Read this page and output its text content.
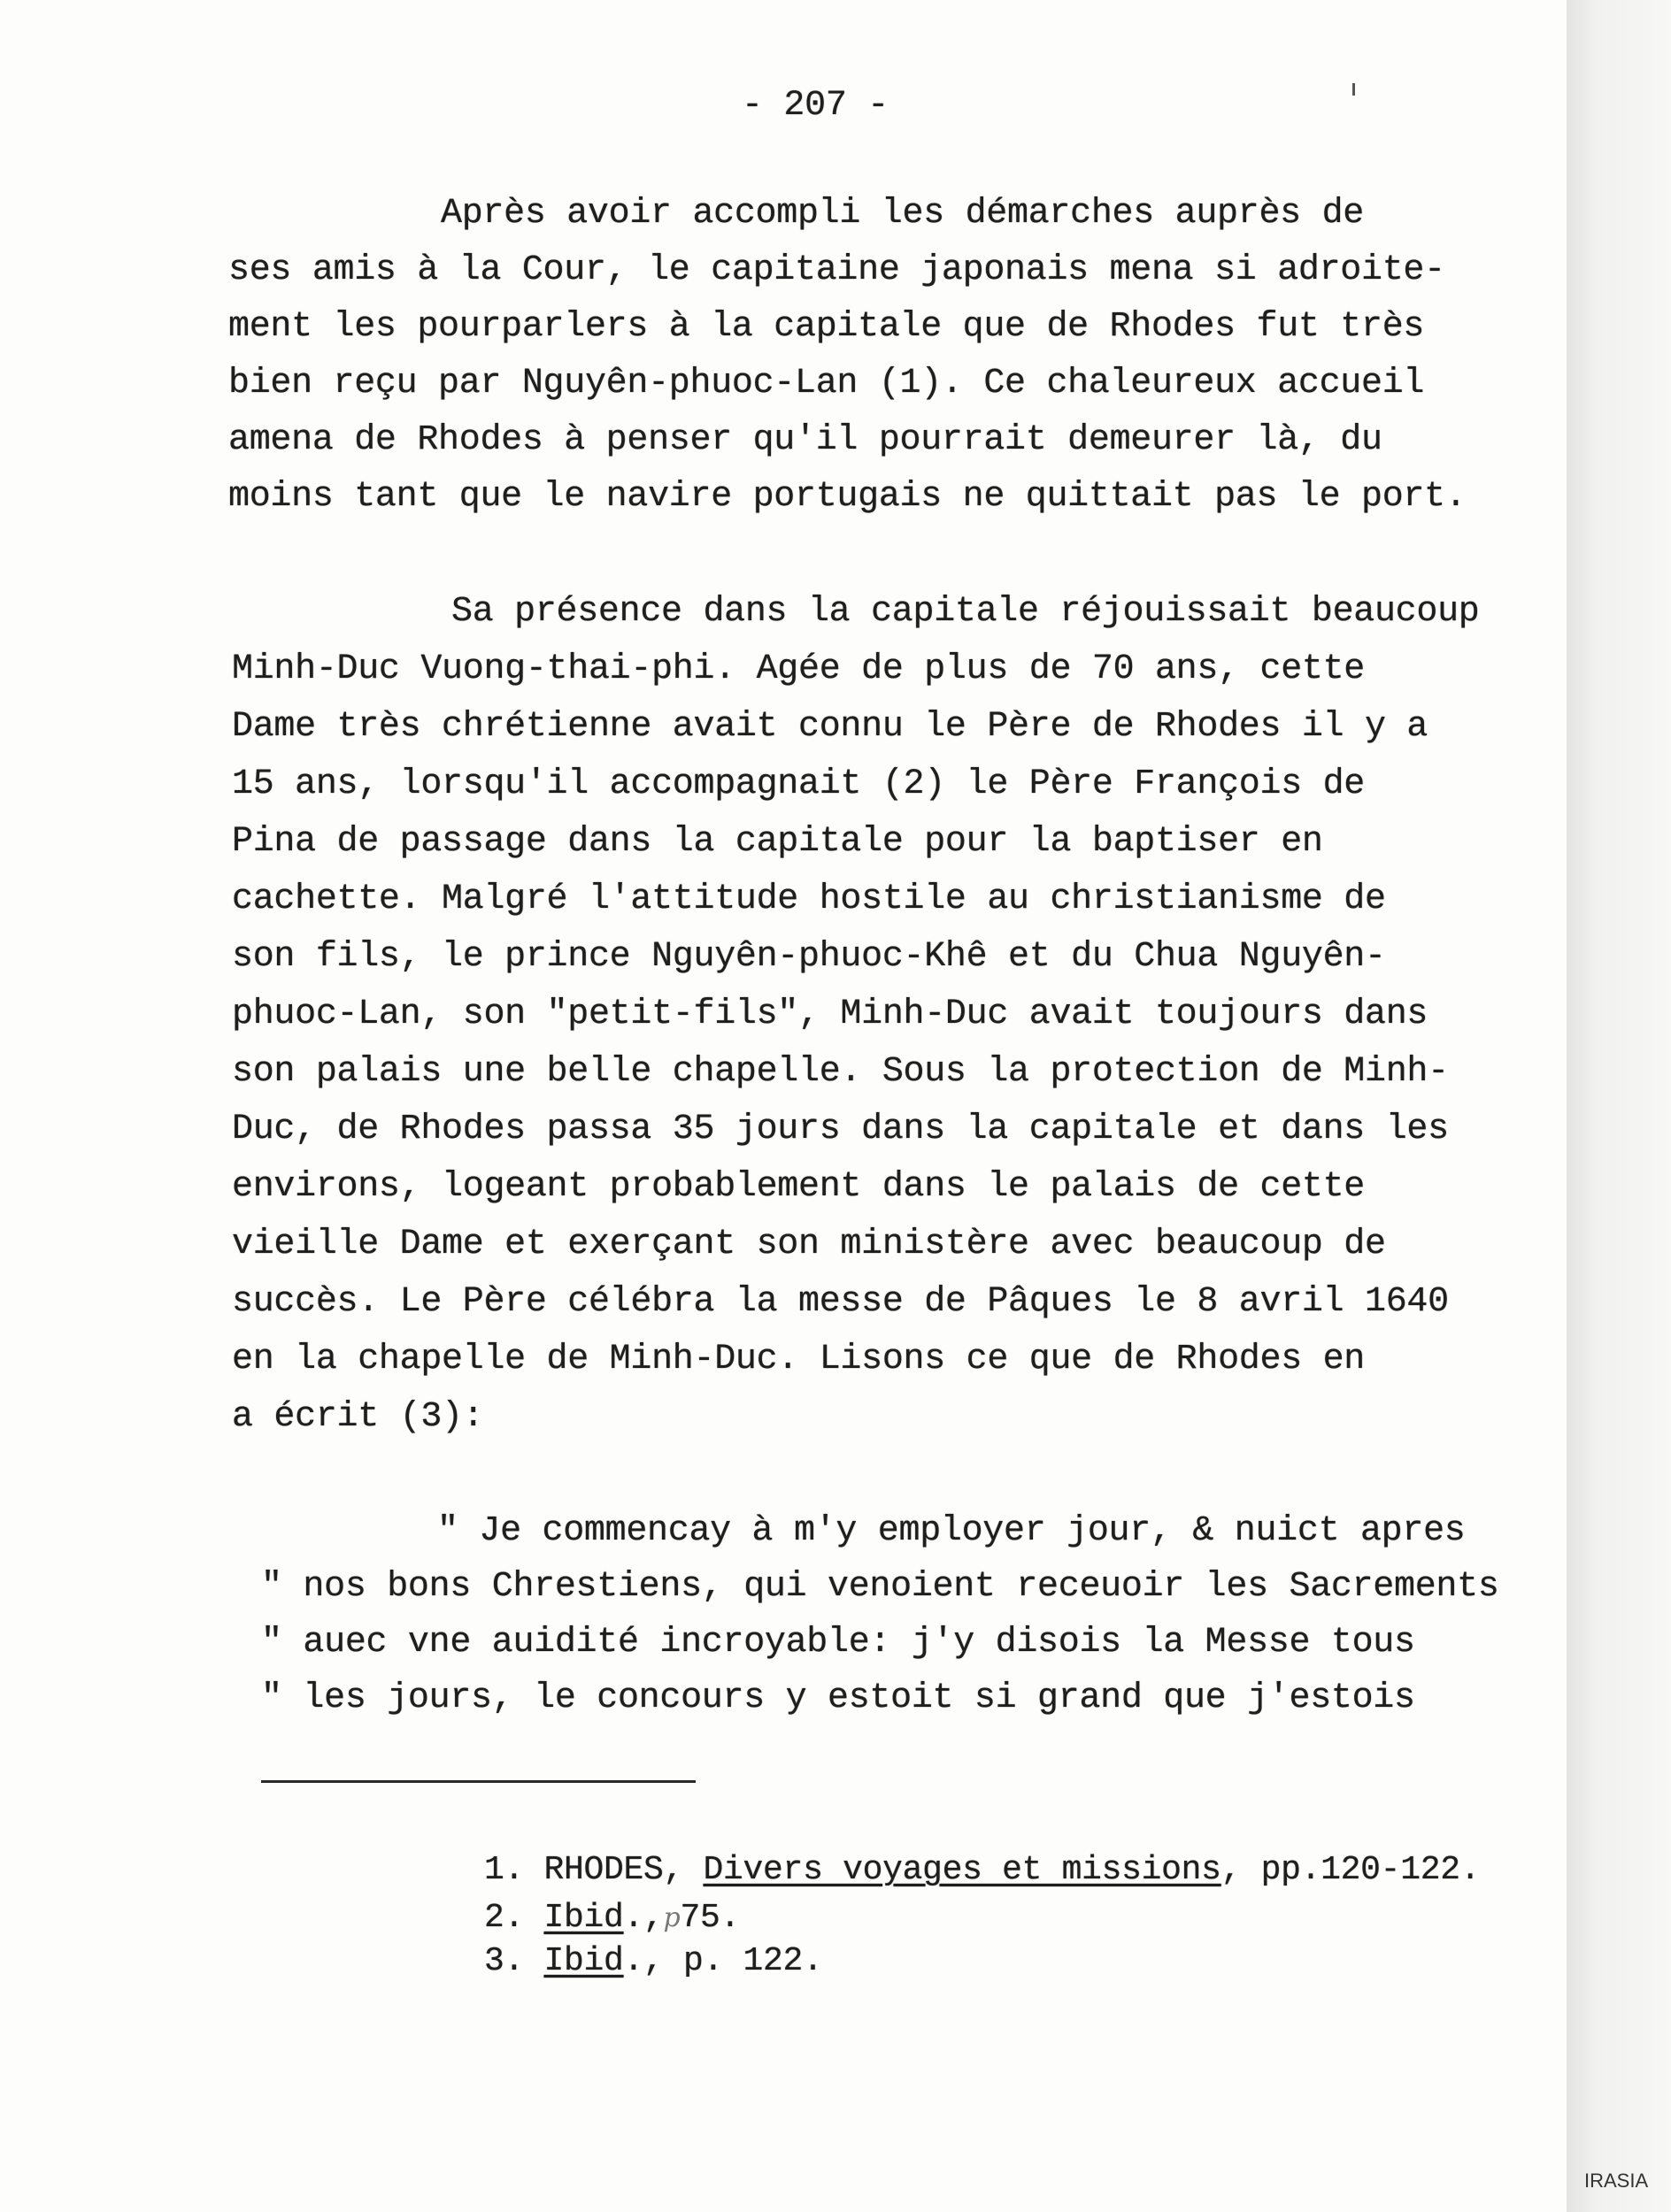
- 207 -
Après avoir accompli les démarches auprès de
ses amis à la Cour, le capitaine japonais mena si adroite-
ment les pourparlers à la capitale que de Rhodes fut très
bien reçu par Nguyên-phuoc-Lan (1). Ce chaleureux accueil
amena de Rhodes à penser qu'il pourrait demeurer là, du
moins tant que le navire portugais ne quittait pas le port.
Sa présence dans la capitale réjouissait beaucoup
Minh-Duc Vuong-thai-phi. Agée de plus de 70 ans, cette
Dame très chrétienne avait connu le Père de Rhodes il y a
15 ans, lorsqu'il accompagnait (2) le Père François de
Pina de passage dans la capitale pour la baptiser en
cachette. Malgré l'attitude hostile au christianisme de
son fils, le prince Nguyên-phuoc-Khê et du Chua Nguyên-
phuoc-Lan, son "petit-fils", Minh-Duc avait toujours dans
son palais une belle chapelle. Sous la protection de Minh-
Duc, de Rhodes passa 35 jours dans la capitale et dans les
environs, logeant probablement dans le palais de cette
vieille Dame et exerçant son ministère avec beaucoup de
succès. Le Père célébra la messe de Pâques le 8 avril 1640
en la chapelle de Minh-Duc. Lisons ce que de Rhodes en
a écrit (3):
" Je commencay à m'y employer jour, & nuict apres
" nos bons Chrestiens, qui venoient receuoir les Sacrements
" auec vne auidité incroyable: j'y disois la Messe tous
" les jours, le concours y estoit si grand que j'estois
1. RHODES, Divers voyages et missions, pp.120-122.
2. Ibid.,p75.
3. Ibid., p. 122.
IRASIA
